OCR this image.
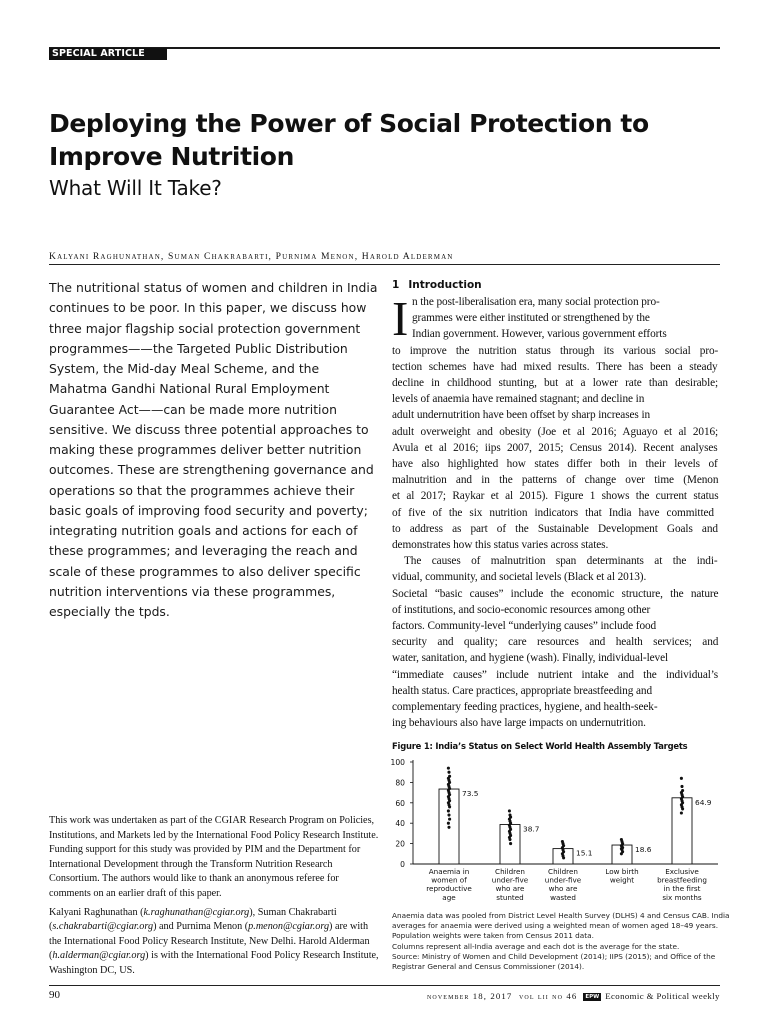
SPECIAL ARTICLE
Deploying the Power of Social Protection to
Improve Nutrition
What Will It Take?
Kalyani Raghunathan, Suman Chakrabarti, Purnima Menon, Harold Alderman

The nutritional status of women and children in India continues to be poor. In this paper, we discuss how three major flagship social protection government programmes——the Targeted Public Distribution System, the Mid-day Meal Scheme, and the Mahatma Gandhi National Rural Employment Guarantee Act——can be made more nutrition sensitive. We discuss three potential approaches to making these programmes deliver better nutrition outcomes. These are strengthening governance and operations so that the programmes achieve their basic goals of improving food security and poverty; integrating nutrition goals and actions for each of these programmes; and leveraging the reach and scale of these programmes to also deliver specific nutrition interventions via these programmes, especially the tpds.

1 Introduction
I n the post-liberalisation era, many social protection pro-
grammes were either instituted or strengthened by the
Indian government. However, various government efforts
to improve the nutrition status through its various social pro-
tection schemes have had mixed results. There has been a steady
decline in childhood stunting, but at a lower rate than desirable;
levels of anaemia have remained stagnant; and decline in
adult undernutrition have been offset by sharp increases in
adult overweight and obesity (Joe et al 2016; Aguayo et al 2016;
Avula et al 2016; iips 2007, 2015; Census 2014). Recent analyses
have also highlighted how states differ both in their levels of
malnutrition and in the patterns of change over time (Menon
et al 2017; Raykar et al 2015). Figure 1 shows the current status
of five of the six nutrition indicators that India have committed
to address as part of the Sustainable Development Goals and
demonstrates how this status varies across states.
The causes of malnutrition span determinants at the indi-
vidual, community, and societal levels (Black et al 2013).
Societal “basic causes” include the economic structure, the nature
of institutions, and socio-economic resources among other
factors. Community-level “underlying causes” include food
security and quality; care resources and health services; and
water, sanitation, and hygiene (wash). Finally, individual-level
“immediate causes” include nutrient intake and the individual’s
health status. Care practices, appropriate breastfeeding and
complementary feeding practices, hygiene, and health-seek-
ing behaviours also have large impacts on undernutrition.
Figure 1: India’s Status on Select World Health Assembly Targets
0
20
40
60
80
100
73.5
Anaemia in
women of
reproductive
age
38.7
Children
under-five
who are
stunted
15.1
Children
under-five
who are
wasted
18.6
Low birth
weight
64.9
Exclusive
breastfeeding
in the first
six months
Anaemia data was pooled from District Level Health Survey (DLHS) 4 and Census CAB. India
averages for anaemia were derived using a weighted mean of women aged 18–49 years.
Population weights were taken from Census 2011 data.
Columns represent all-India average and each dot is the average for the state.
Source: Ministry of Women and Child Development (2014); IIPS (2015); and Office of the
Registrar General and Census Commissioner (2014).

This work was undertaken as part of the CGIAR Research Program on Policies, Institutions, and Markets led by the International Food Policy Research Institute. Funding support for this study was provided by PIM and the Department for International Development through the Transform Nutrition Research Consortium. The authors would like to thank an anonymous referee for comments on an earlier draft of this paper.

Kalyani Raghunathan (k.raghunathan@cgiar.org), Suman Chakrabarti (s.chakrabarti@cgiar.org) and Purnima Menon (p.menon@cgiar.org) are with the International Food Policy Research Institute, New Delhi. Harold Alderman (h.alderman@cgiar.org) is with the International Food Policy Research Institute, Washington DC, US.

90	november 18, 2017 vol lii no 46 EPW Economic & Political weekly
